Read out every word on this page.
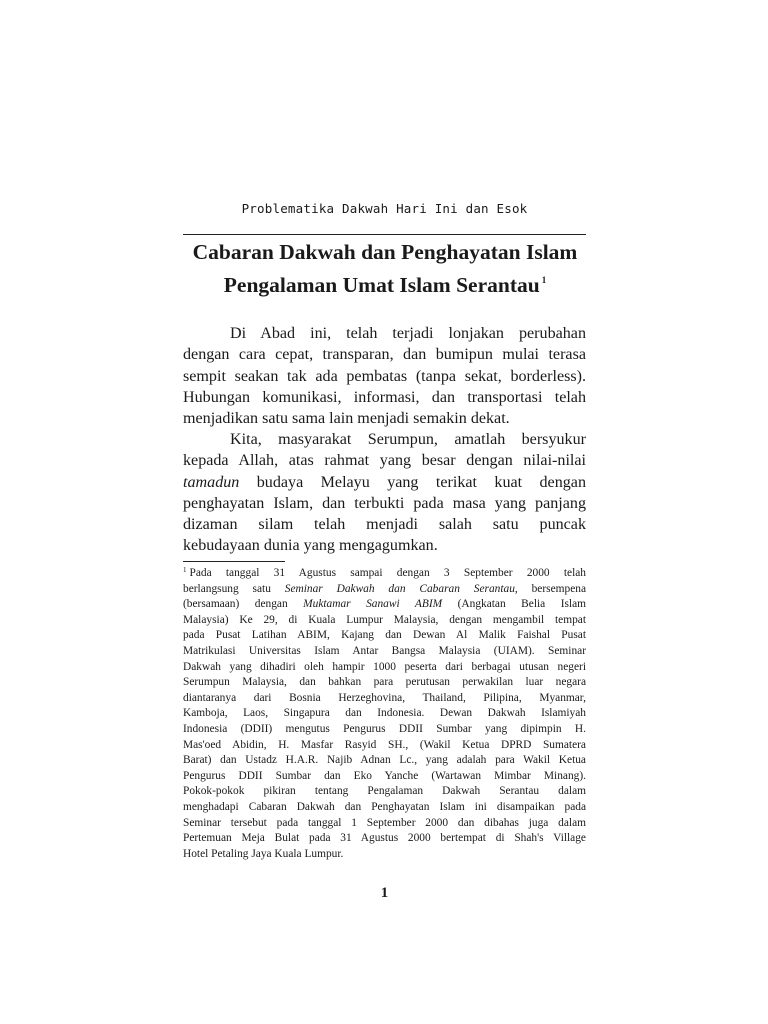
Problematika Dakwah Hari Ini dan Esok
Cabaran Dakwah dan Penghayatan Islam
Pengalaman Umat Islam Serantau $^1$
Di Abad ini, telah terjadi lonjakan perubahan
dengan cara cepat, transparan, dan bumipun mulai terasa
sempit seakan tak ada pembatas (tanpa sekat, borderless).
Hubungan komunikasi, informasi, dan transportasi telah
menjadikan satu sama lain menjadi semakin dekat.
Kita, masyarakat Serumpun, amatlah bersyukur
kepada Allah, atas rahmat yang besar dengan nilai-nilai
tamadun budaya Melayu yang terikat kuat dengan
penghayatan Islam, dan terbukti pada masa yang panjang
dizaman silam telah menjadi salah satu puncak
kebudayaan dunia yang mengagumkan.
$^1$ Pada tanggal 31 Agustus sampai dengan 3 September 2000 telah
berlangsung satu Seminar Dakwah dan Cabaran Serantau, bersempena
(bersamaan) dengan Muktamar Sanawi ABIM (Angkatan Belia Islam
Malaysia) Ke 29, di Kuala Lumpur Malaysia, dengan mengambil tempat
pada Pusat Latihan ABIM, Kajang dan Dewan Al Malik Faishal Pusat
Matrikulasi Universitas Islam Antar Bangsa Malaysia (UIAM). Seminar
Dakwah yang dihadiri oleh hampir 1000 peserta dari berbagai utusan negeri
Serumpun Malaysia, dan bahkan para perutusan perwakilan luar negara
diantaranya dari Bosnia Herzeghovina, Thailand, Pilipina, Myanmar,
Kamboja, Laos, Singapura dan Indonesia. Dewan Dakwah Islamiyah
Indonesia (DDII) mengutus Pengurus DDII Sumbar yang dipimpin H.
Mas'oed Abidin, H. Masfar Rasyid SH., (Wakil Ketua DPRD Sumatera
Barat) dan Ustadz H.A.R. Najib Adnan Lc., yang adalah para Wakil Ketua
Pengurus DDII Sumbar dan Eko Yanche (Wartawan Mimbar Minang).
Pokok-pokok pikiran tentang Pengalaman Dakwah Serantau dalam
menghadapi Cabaran Dakwah dan Penghayatan Islam ini disampaikan pada
Seminar tersebut pada tanggal 1 September 2000 dan dibahas juga dalam
Pertemuan Meja Bulat pada 31 Agustus 2000 bertempat di Shah's Village
Hotel Petaling Jaya Kuala Lumpur.
1
